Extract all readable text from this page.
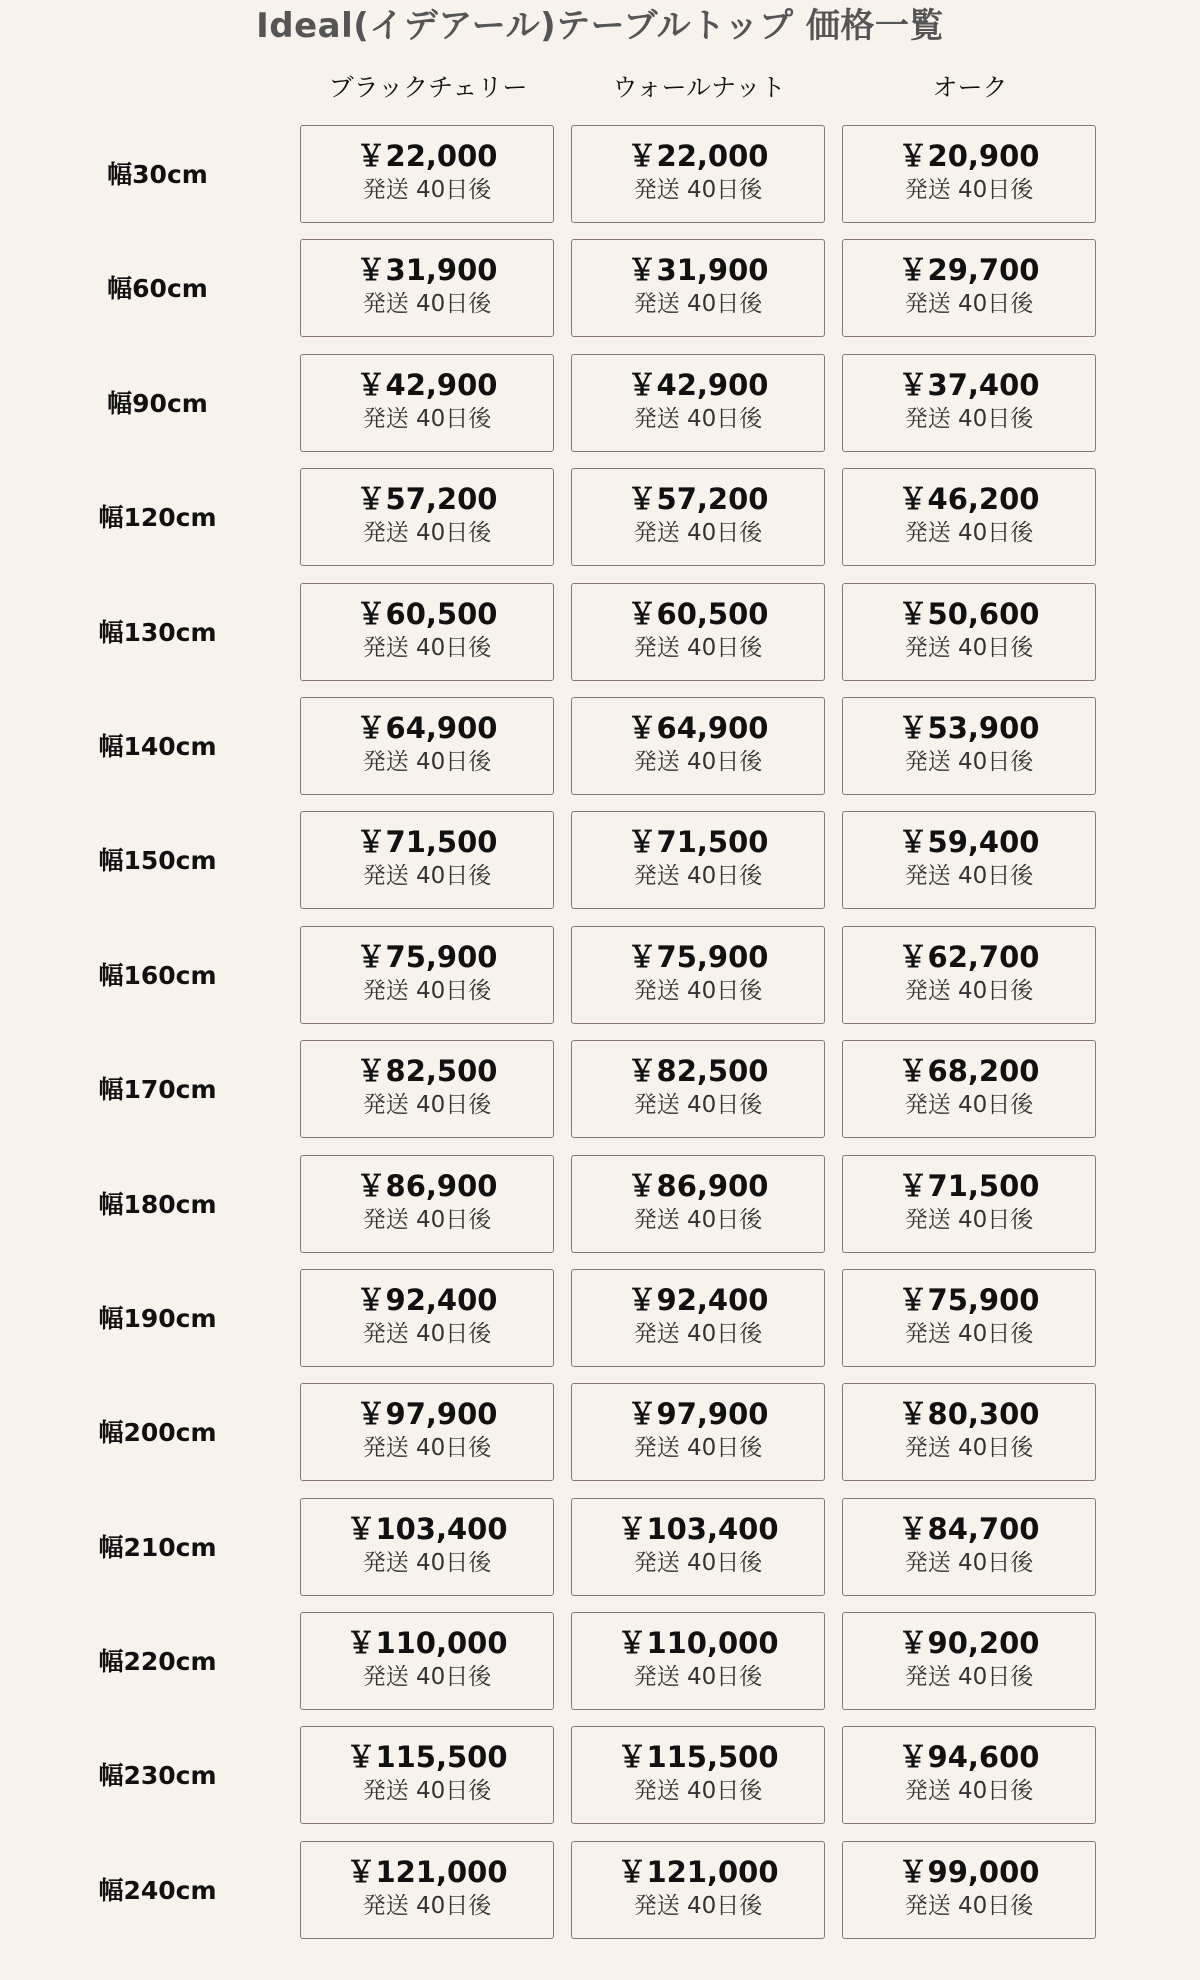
Ideal(イデアール)テーブルトップ 価格一覧
ブラックチェリー	ウォールナット	オーク
幅30cm
￥22,000
発送 40日後
￥22,000
発送 40日後
￥20,900
発送 40日後
幅60cm
￥31,900
発送 40日後
￥31,900
発送 40日後
￥29,700
発送 40日後
幅90cm
￥42,900
発送 40日後
￥42,900
発送 40日後
￥37,400
発送 40日後
幅120cm
￥57,200
発送 40日後
￥57,200
発送 40日後
￥46,200
発送 40日後
幅130cm
￥60,500
発送 40日後
￥60,500
発送 40日後
￥50,600
発送 40日後
幅140cm
￥64,900
発送 40日後
￥64,900
発送 40日後
￥53,900
発送 40日後
幅150cm
￥71,500
発送 40日後
￥71,500
発送 40日後
￥59,400
発送 40日後
幅160cm
￥75,900
発送 40日後
￥75,900
発送 40日後
￥62,700
発送 40日後
幅170cm
￥82,500
発送 40日後
￥82,500
発送 40日後
￥68,200
発送 40日後
幅180cm
￥86,900
発送 40日後
￥86,900
発送 40日後
￥71,500
発送 40日後
幅190cm
￥92,400
発送 40日後
￥92,400
発送 40日後
￥75,900
発送 40日後
幅200cm
￥97,900
発送 40日後
￥97,900
発送 40日後
￥80,300
発送 40日後
幅210cm
￥103,400
発送 40日後
￥103,400
発送 40日後
￥84,700
発送 40日後
幅220cm
￥110,000
発送 40日後
￥110,000
発送 40日後
￥90,200
発送 40日後
幅230cm
￥115,500
発送 40日後
￥115,500
発送 40日後
￥94,600
発送 40日後
幅240cm
￥121,000
発送 40日後
￥121,000
発送 40日後
￥99,000
発送 40日後
